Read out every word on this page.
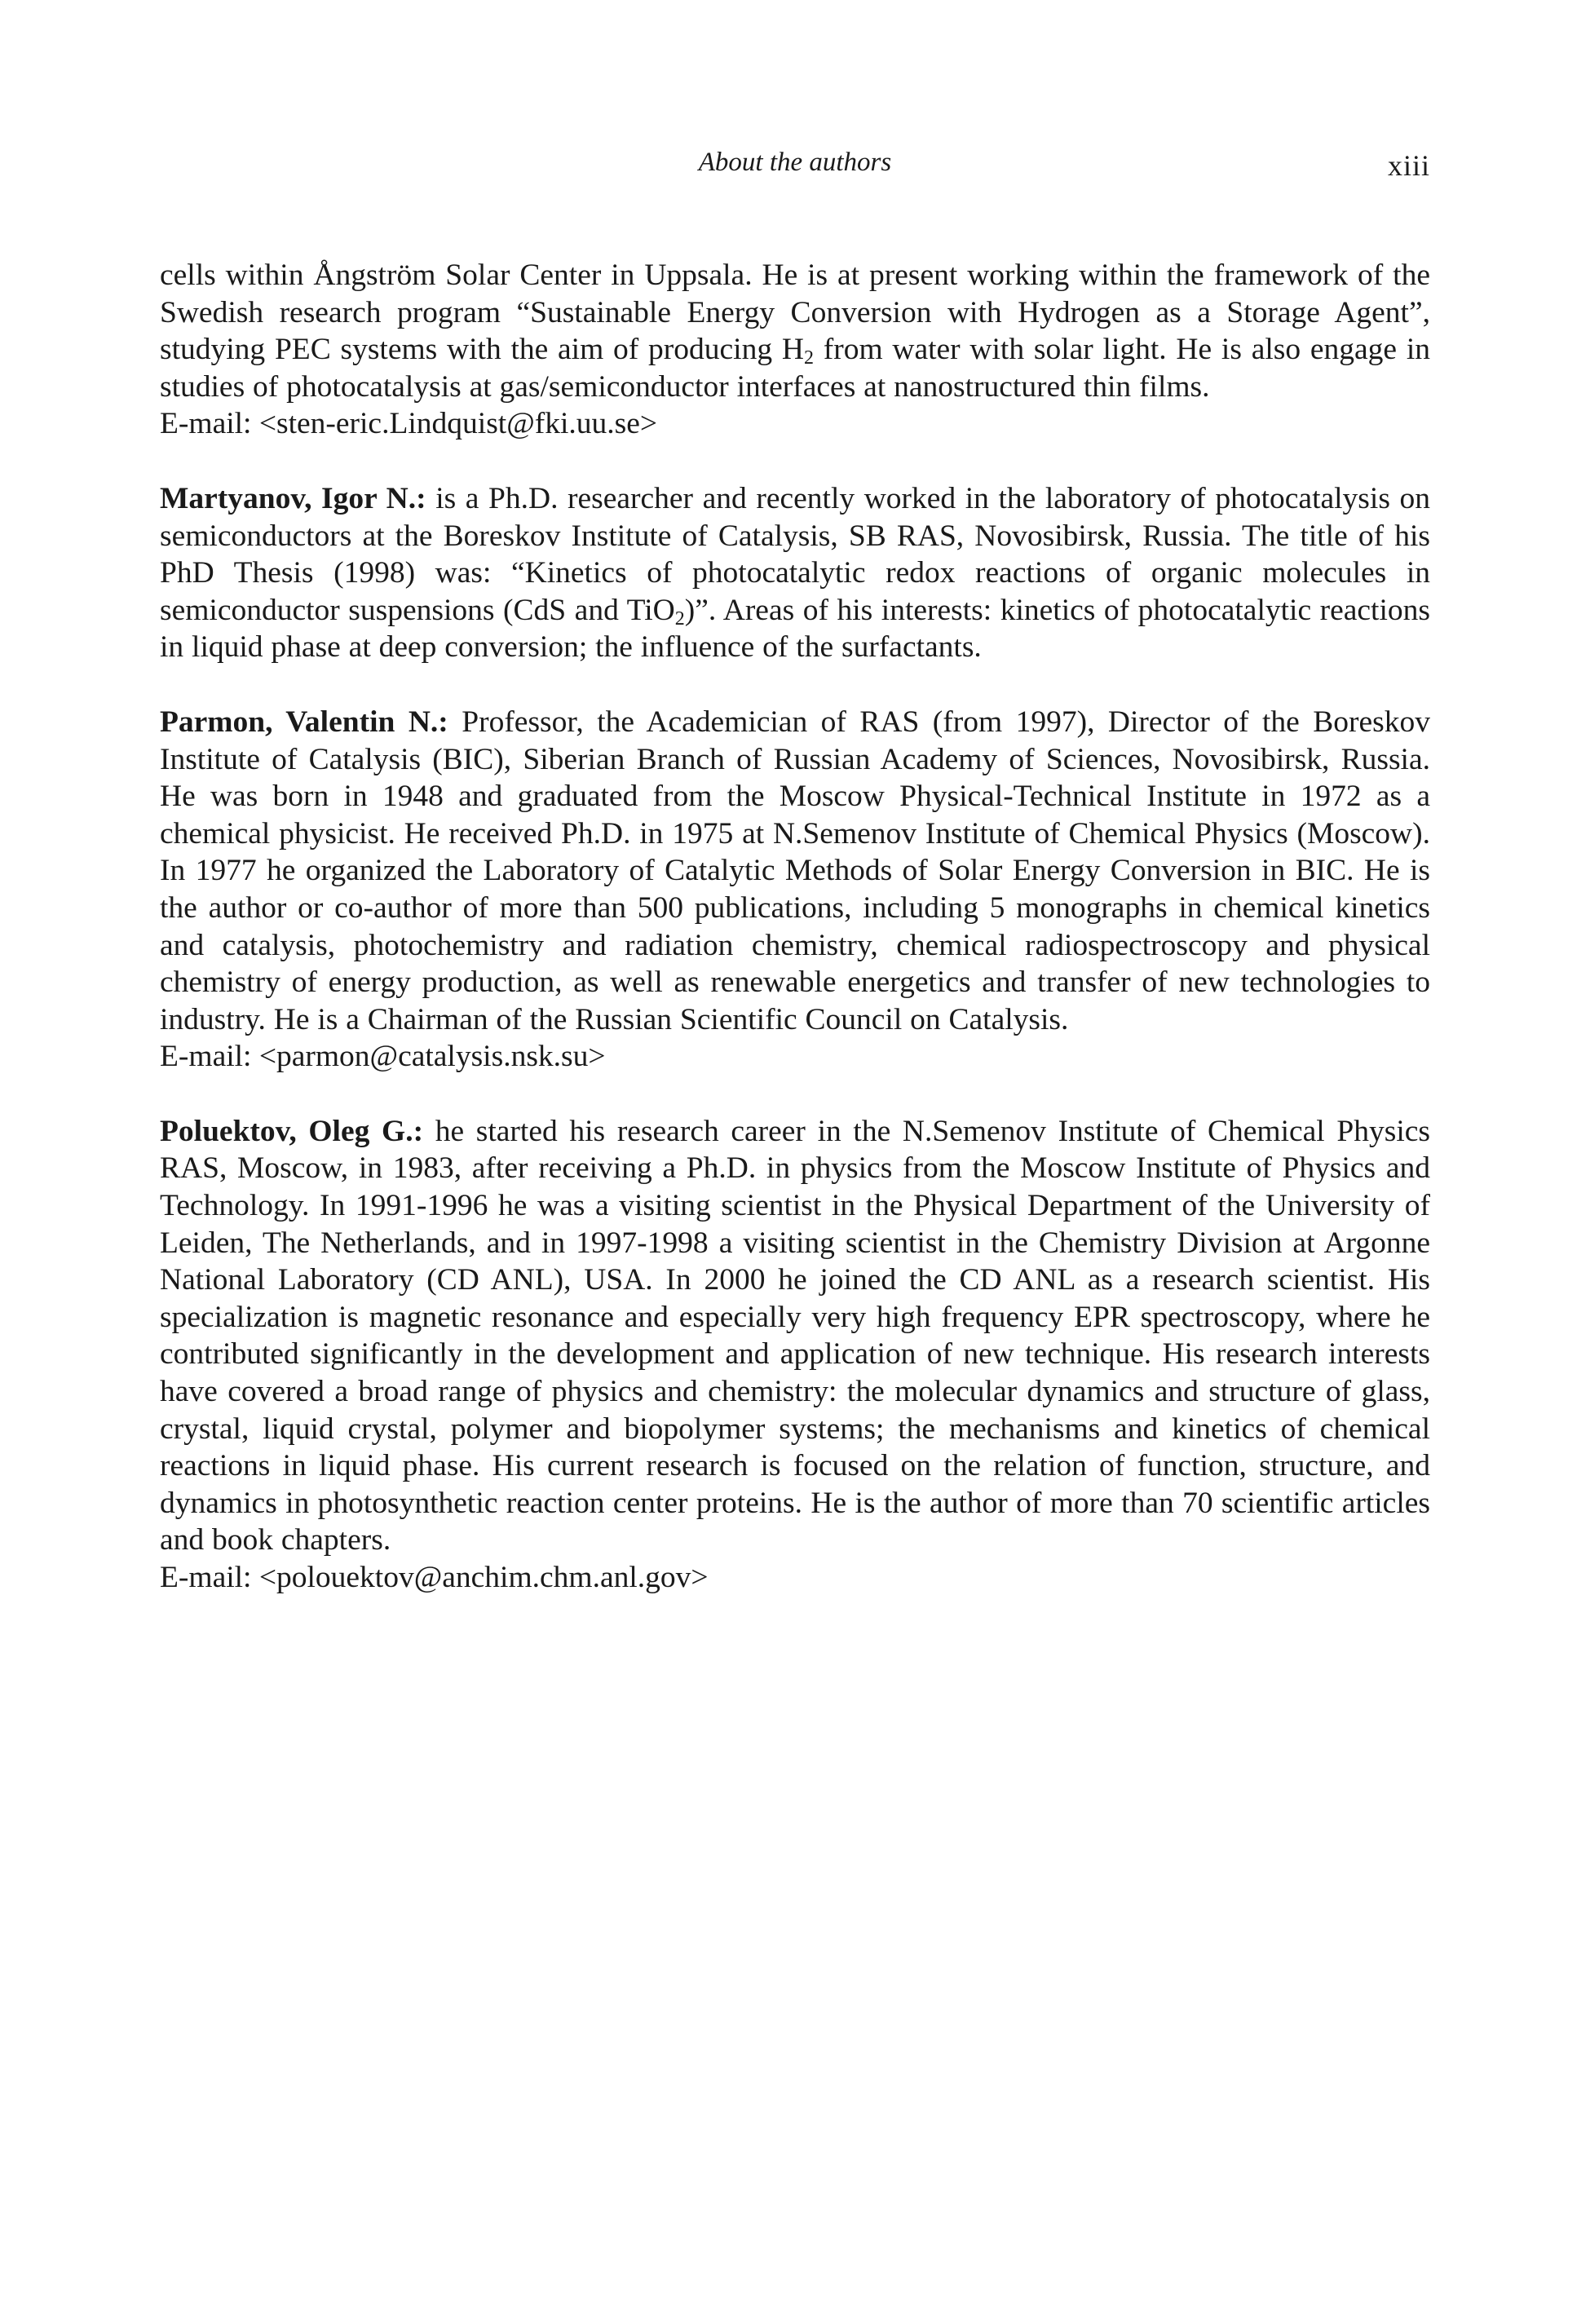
About the authors	xiii

cells within Ångström Solar Center in Uppsala. He is at present working within the framework of the Swedish research program “Sustainable Energy Conversion with Hydrogen as a Storage Agent”, studying PEC systems with the aim of producing $H_2$ from water with solar light. He is also engage in studies of photocatalysis at gas/semiconductor interfaces at nanostructured thin films.

E-mail: <sten-eric.Lindquist@fki.uu.se>

Martyanov, Igor N.: is a Ph.D. researcher and recently worked in the laboratory of photocatalysis on semiconductors at the Boreskov Institute of Catalysis, SB RAS, Novosibirsk, Russia. The title of his PhD Thesis (1998) was: “Kinetics of photocatalytic redox reactions of organic molecules in semiconductor suspensions (CdS and TiO$_2$)”. Areas of his interests: kinetics of photocatalytic reactions in liquid phase at deep conversion; the influence of the surfactants.

Parmon, Valentin N.: Professor, the Academician of RAS (from 1997), Director of the Boreskov Institute of Catalysis (BIC), Siberian Branch of Russian Academy of Sciences, Novosibirsk, Russia. He was born in 1948 and graduated from the Moscow Physical-Technical Institute in 1972 as a chemical physicist. He received Ph.D. in 1975 at N.Semenov Institute of Chemical Physics (Moscow). In 1977 he organized the Laboratory of Catalytic Methods of Solar Energy Conversion in BIC. He is the author or co-author of more than 500 publications, including 5 monographs in chemical kinetics and catalysis, photochemistry and radiation chemistry, chemical radiospectroscopy and physical chemistry of energy production, as well as renewable energetics and transfer of new technologies to industry. He is a Chairman of the Russian Scientific Council on Catalysis.

E-mail: <parmon@catalysis.nsk.su>

Poluektov, Oleg G.: he started his research career in the N.Semenov Institute of Chemical Physics RAS, Moscow, in 1983, after receiving a Ph.D. in physics from the Moscow Institute of Physics and Technology. In 1991-1996 he was a visiting scientist in the Physical Department of the University of Leiden, The Netherlands, and in 1997-1998 a visiting scientist in the Chemistry Division at Argonne National Laboratory (CD ANL), USA. In 2000 he joined the CD ANL as a research scientist. His specialization is magnetic resonance and especially very high frequency EPR spectroscopy, where he contributed significantly in the development and application of new technique. His research interests have covered a broad range of physics and chemistry: the molecular dynamics and structure of glass, crystal, liquid crystal, polymer and biopolymer systems; the mechanisms and kinetics of chemical reactions in liquid phase. His current research is focused on the relation of function, structure, and dynamics in photosynthetic reaction center proteins. He is the author of more than 70 scientific articles and book chapters.

E-mail: <polouektov@anchim.chm.anl.gov>
